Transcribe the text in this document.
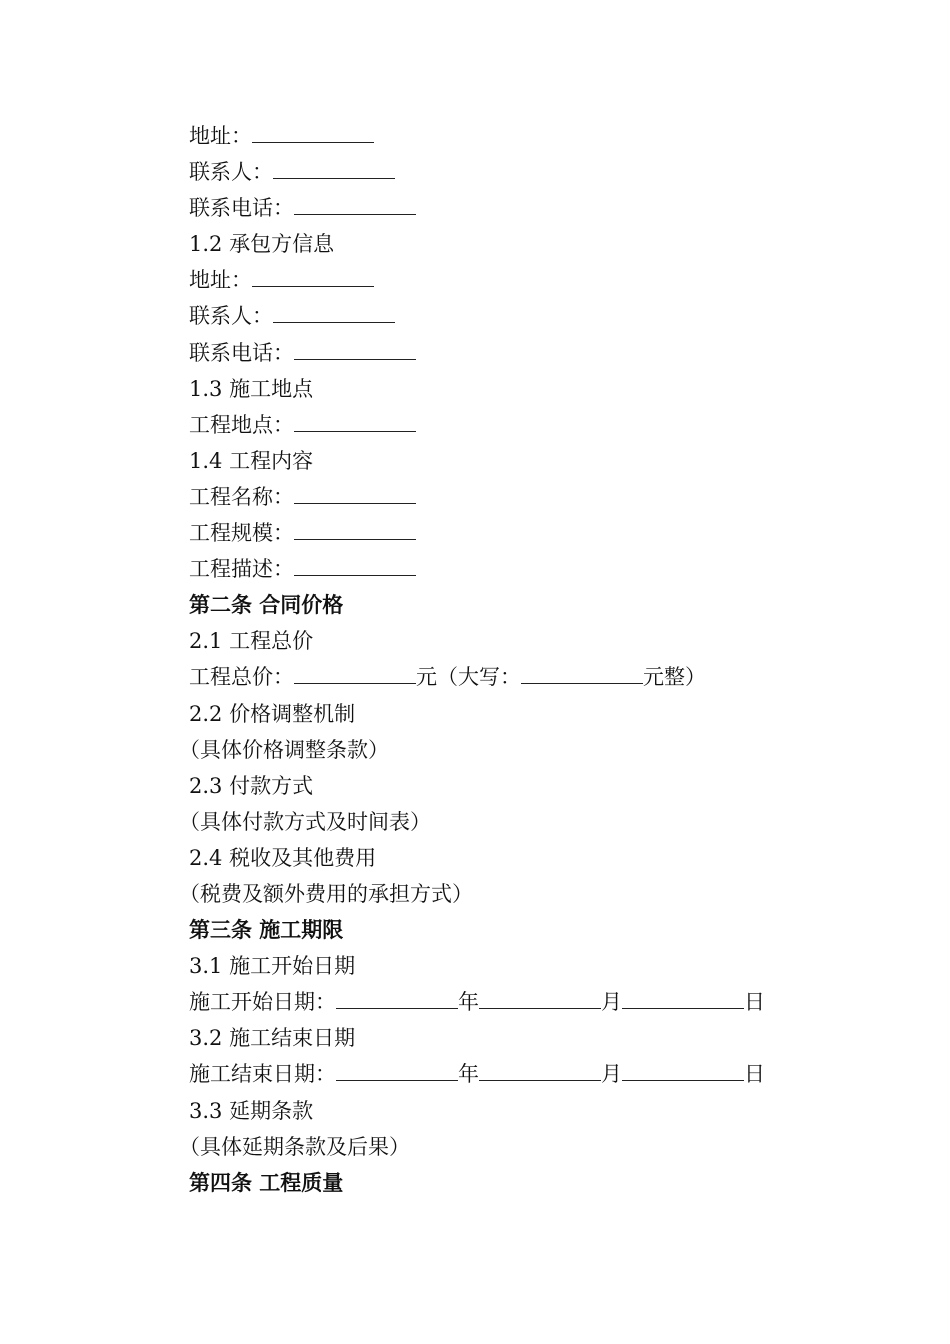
地址：
联系人：
联系电话：
1.2 承包方信息
地址：
联系人：
联系电话：
1.3 施工地点
工程地点：
1.4 工程内容
工程名称：
工程规模：
工程描述：
第二条 合同价格
2.1 工程总价
工程总价：	元（大写：	元整）
2.2 价格调整机制
（具体价格调整条款）
2.3 付款方式
（具体付款方式及时间表）
2.4 税收及其他费用
（税费及额外费用的承担方式）
第三条 施工期限
3.1 施工开始日期
施工开始日期：	年	月	日
3.2 施工结束日期
施工结束日期：	年	月	日
3.3 延期条款
（具体延期条款及后果）
第四条 工程质量
